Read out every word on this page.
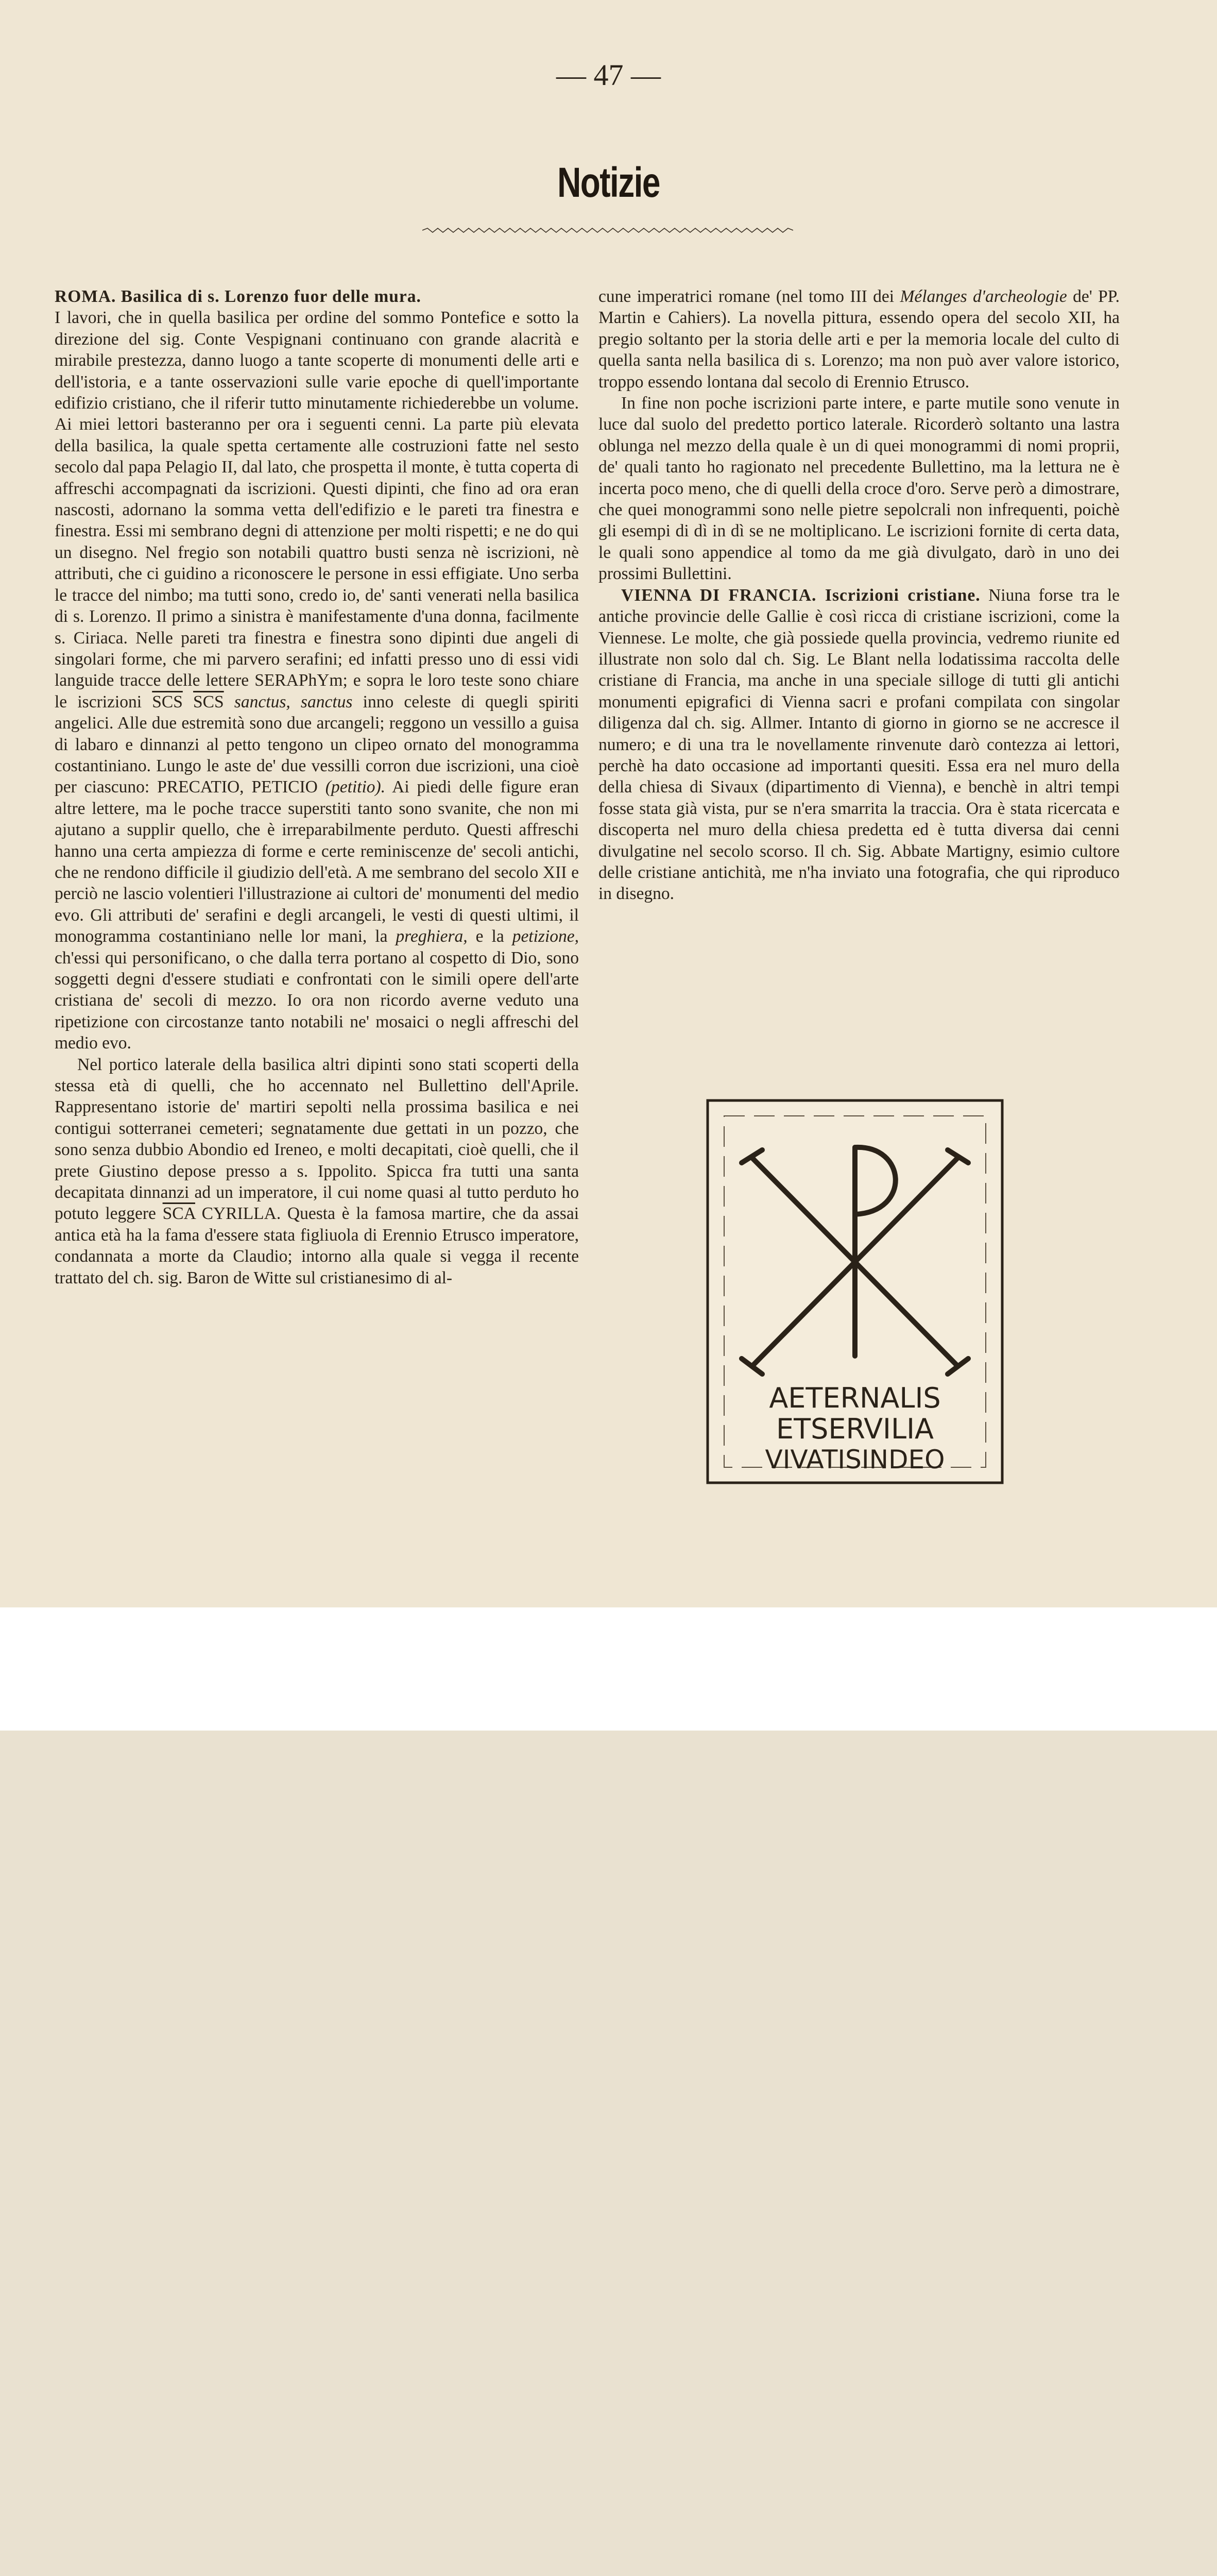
— 47 —
Notizie

ROMA. Basilica di s. Lorenzo fuor delle mura.

I lavori, che in quella basilica per ordine del sommo Pontefice e sotto la direzione del sig. Conte Vespignani continuano con grande alacrità e mirabile prestezza, danno luogo a tante scoperte di monumenti delle arti e dell'istoria, e a tante osservazioni sulle varie epoche di quell'importante edifizio cristiano, che il riferir tutto minutamente richiederebbe un volume. Ai miei lettori basteranno per ora i seguenti cenni. La parte più elevata della basilica, la quale spetta certamente alle costruzioni fatte nel sesto secolo dal papa Pelagio II, dal lato, che prospetta il monte, è tutta coperta di affreschi accompagnati da iscrizioni. Questi dipinti, che fino ad ora eran nascosti, adornano la somma vetta dell'edifizio e le pareti tra finestra e finestra. Essi mi sembrano degni di attenzione per molti rispetti; e ne do qui un disegno. Nel fregio son notabili quattro busti senza nè iscrizioni, nè attributi, che ci guidino a riconoscere le persone in essi effigiate. Uno serba le tracce del nimbo; ma tutti sono, credo io, de' santi venerati nella basilica di s. Lorenzo. Il primo a sinistra è manifestamente d'una donna, facilmente s. Ciriaca. Nelle pareti tra finestra e finestra sono dipinti due angeli di singolari forme, che mi parvero serafini; ed infatti presso uno di essi vidi languide tracce delle lettere SERAPhYm; e sopra le loro teste sono chiare le iscrizioni $\overline{SCS}$ $\overline{SCS}$ sanctus, sanctus inno celeste di quegli spiriti angelici. Alle due estremità sono due arcangeli; reggono un vessillo a guisa di labaro e dinnanzi al petto tengono un clipeo ornato del monogramma costantiniano. Lungo le aste de' due vessilli corron due iscrizioni, una cioè per ciascuno: PRECATIO, PETICIO (petitio). Ai piedi delle figure eran altre lettere, ma le poche tracce superstiti tanto sono svanite, che non mi ajutano a supplir quello, che è irreparabilmente perduto. Questi affreschi hanno una certa ampiezza di forme e certe reminiscenze de' secoli antichi, che ne rendono difficile il giudizio dell'età. A me sembrano del secolo XII e perciò ne lascio volentieri l'illustrazione ai cultori de' monumenti del medio evo. Gli attributi de' serafini e degli arcangeli, le vesti di questi ultimi, il monogramma costantiniano nelle lor mani, la preghiera, e la petizione, ch'essi qui personificano, o che dalla terra portano al cospetto di Dio, sono soggetti degni d'essere studiati e confrontati con le simili opere dell'arte cristiana de' secoli di mezzo. Io ora non ricordo averne veduto una ripetizione con circostanze tanto notabili ne' mosaici o negli affreschi del medio evo.

Nel portico laterale della basilica altri dipinti sono stati scoperti della stessa età di quelli, che ho accennato nel Bullettino dell'Aprile. Rappresentano istorie de' martiri sepolti nella prossima basilica e nei contigui sotterranei cemeteri; segnatamente due gettati in un pozzo, che sono senza dubbio Abondio ed Ireneo, e molti decapitati, cioè quelli, che il prete Giustino depose presso a s. Ippolito. Spicca fra tutti una santa decapitata dinnanzi ad un imperatore, il cui nome quasi al tutto perduto ho potuto leggere $\overline{SCA}$ CYRILLA. Questa è la famosa martire, che da assai antica età ha la fama d'essere stata figliuola di Erennio Etrusco imperatore, condannata a morte da Claudio; intorno alla quale si vegga il recente trattato del ch. sig. Baron de Witte sul cristianesimo di al-

cune imperatrici romane (nel tomo III dei Mélanges d'archeologie de' PP. Martin e Cahiers). La novella pittura, essendo opera del secolo XII, ha pregio soltanto per la storia delle arti e per la memoria locale del culto di quella santa nella basilica di s. Lorenzo; ma non può aver valore istorico, troppo essendo lontana dal secolo di Erennio Etrusco.

In fine non poche iscrizioni parte intere, e parte mutile sono venute in luce dal suolo del predetto portico laterale. Ricorderò soltanto una lastra oblunga nel mezzo della quale è un di quei monogrammi di nomi proprii, de' quali tanto ho ragionato nel precedente Bullettino, ma la lettura ne è incerta poco meno, che di quelli della croce d'oro. Serve però a dimostrare, che quei monogrammi sono nelle pietre sepolcrali non infrequenti, poichè gli esempi di dì in dì se ne moltiplicano. Le iscrizioni fornite di certa data, le quali sono appendice al tomo da me già divulgato, darò in uno dei prossimi Bullettini.

VIENNA DI FRANCIA. Iscrizioni cristiane. Niuna forse tra le antiche provincie delle Gallie è così ricca di cristiane iscrizioni, come la Viennese. Le molte, che già possiede quella provincia, vedremo riunite ed illustrate non solo dal ch. Sig. Le Blant nella lodatissima raccolta delle cristiane di Francia, ma anche in una speciale silloge di tutti gli antichi monumenti epigrafici di Vienna sacri e profani compilata con singolar diligenza dal ch. sig. Allmer. Intanto di giorno in giorno se ne accresce il numero; e di una tra le novellamente rinvenute darò contezza ai lettori, perchè ha dato occasione ad importanti quesiti. Essa era nel muro della della chiesa di Sivaux (dipartimento di Vienna), e benchè in altri tempi fosse stata già vista, pur se n'era smarrita la traccia. Ora è stata ricercata e discoperta nel muro della chiesa predetta ed è tutta diversa dai cenni divulgatine nel secolo scorso. Il ch. Sig. Abbate Martigny, esimio cultore delle cristiane antichità, me n'ha inviato una fotografia, che qui riproduco in disegno.

AETERNALIS
ETSERVILIA
VIVATISINDEO
